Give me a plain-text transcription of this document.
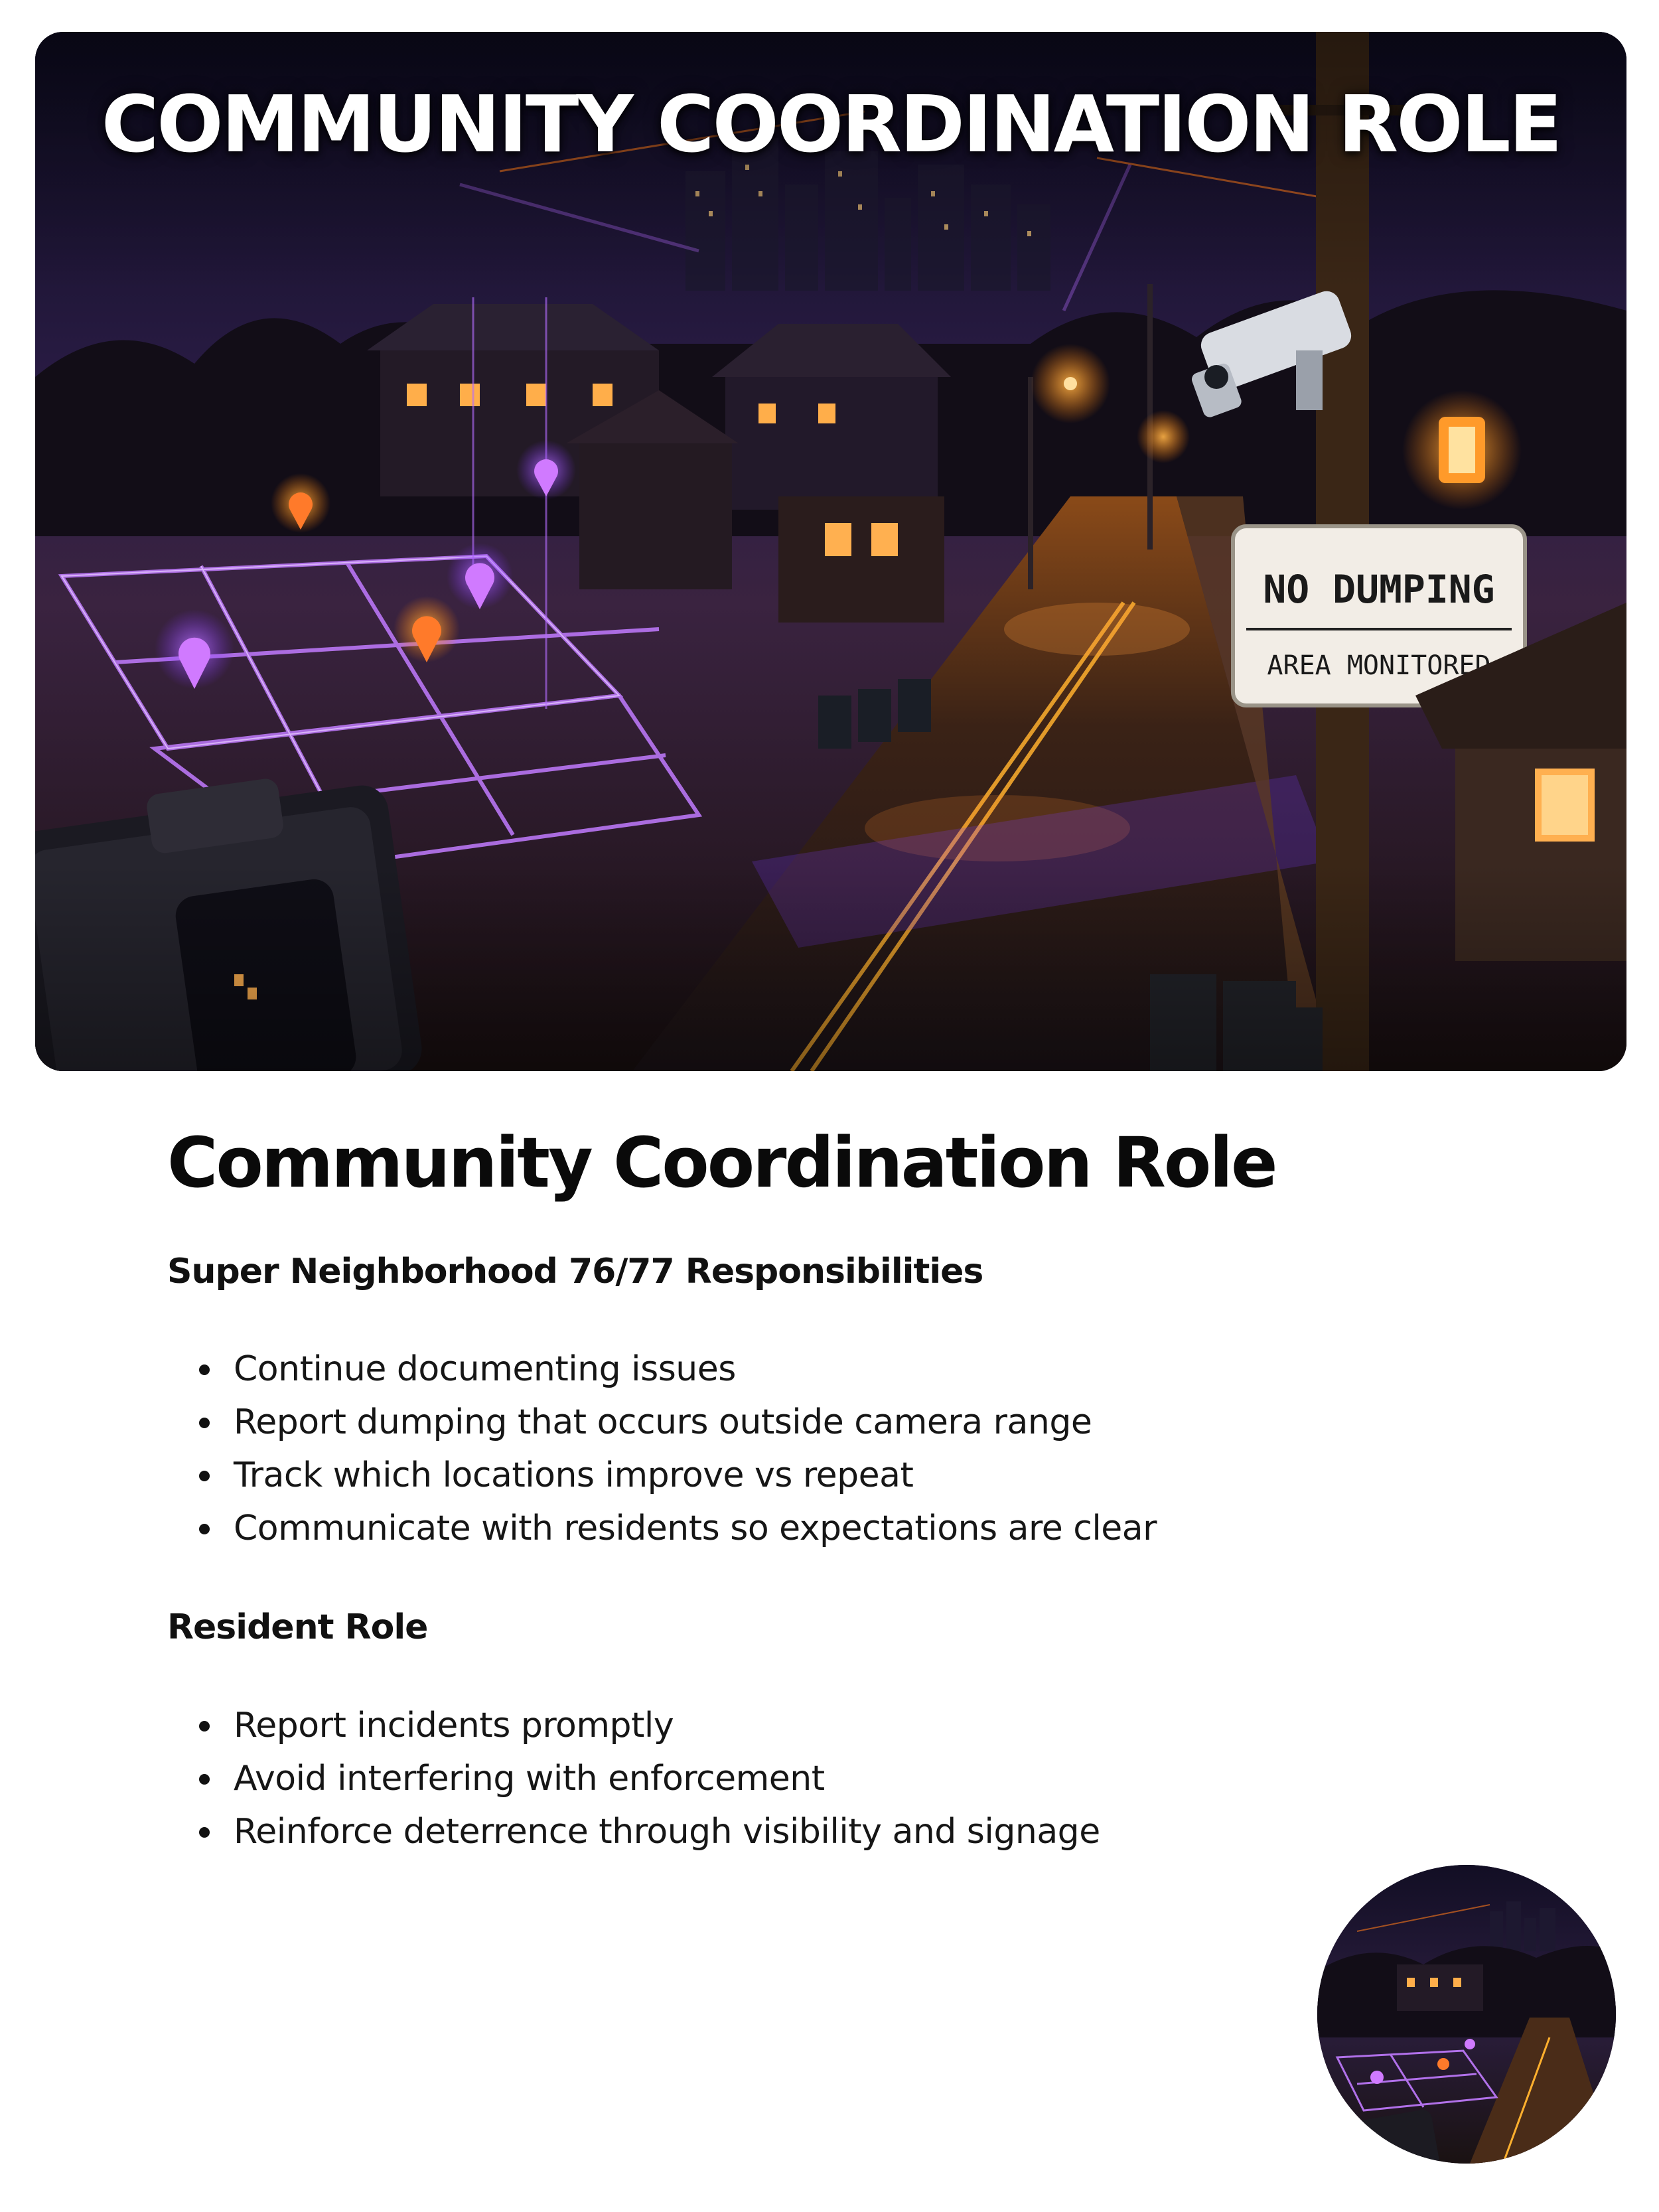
COMMUNITY COORDINATION ROLE
Community Coordination Role
Super Neighborhood 76/77 Responsibilities
Continue documenting issues
Report dumping that occurs outside camera range
Track which locations improve vs repeat
Communicate with residents so expectations are clear
Resident Role
Report incidents promptly
Avoid interfering with enforcement
Reinforce deterrence through visibility and signage
